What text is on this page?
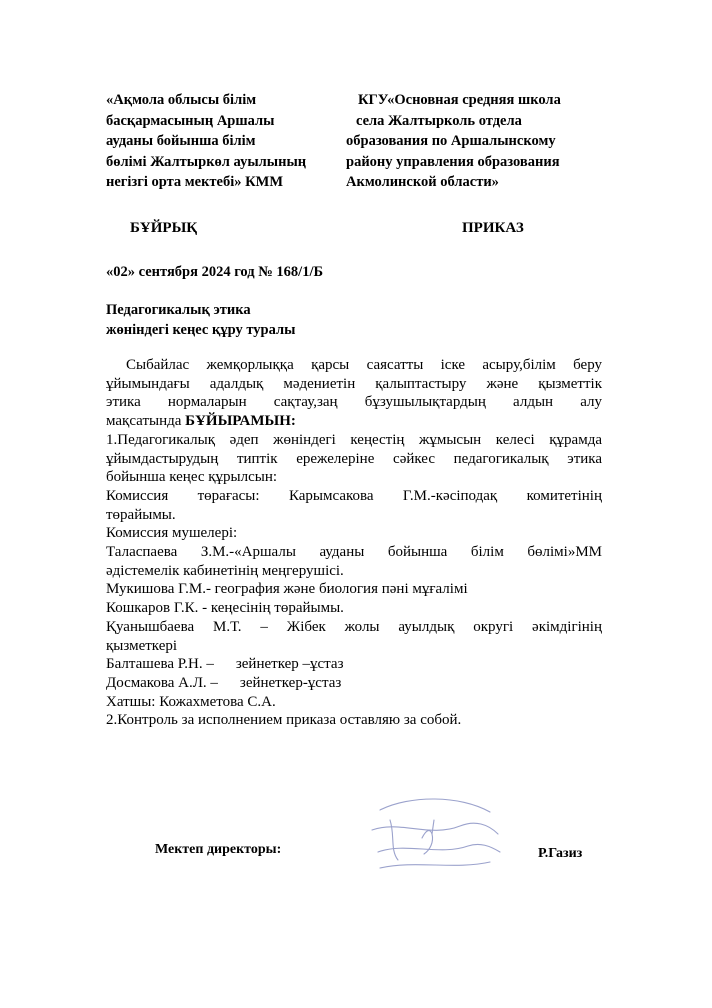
«Ақмола облысы білім
басқармасының Аршалы
ауданы бойынша білім
бөлімі Жалтыркөл ауылының
негізгі орта мектебі» КММ
КГУ«Основная средняя школа
села Жалтырколь отдела
образования по Аршалынскому
району управления образования
Акмолинской области»
БҰЙРЫҚ	ПРИКАЗ
«02» сентября 2024 год № 168/1/Б
Педагогикалық этика
жөніндегі кеңес құру туралы

Сыбайлас жемқорлыққа қарсы саясатты іске асыру,білім беру

ұйымындағы адалдық мәдениетін қалыптастыру және қызметтік

этика нормаларын сақтау,заң бұзушылықтардың алдын алу

мақсатында БҰЙЫРАМЫН:

1.Педагогикалық әдеп жөніндегі кеңестің жұмысын келесі құрамда

ұйымдастырудың типтік ережелеріне сәйкес педагогикалық этика

бойынша кеңес құрылсын:

Комиссия төрағасы: Карымсакова Г.М.-кәсіподақ комитетінің

төрайымы.

Комиссия мушелері:

Таласпаева З.М.-«Аршалы ауданы бойынша білім бөлімі»ММ

әдістемелік кабинетінің меңгерушісі.

Мукишова Г.М.- география және биология пәні мұғалімі

Кошкаров Г.К. - кеңесінің төрайымы.

Қуанышбаева М.Т. – Жібек жолы ауылдық округі әкімдігінің

қызметкері

Балташева Р.Н. – зейнеткер –ұстаз

Досмакова А.Л. – зейнеткер-ұстаз

Хатшы: Кожахметова С.А.

2.Контроль за исполнением приказа оставляю за собой.

Мектеп директоры:	Р.Газиз
